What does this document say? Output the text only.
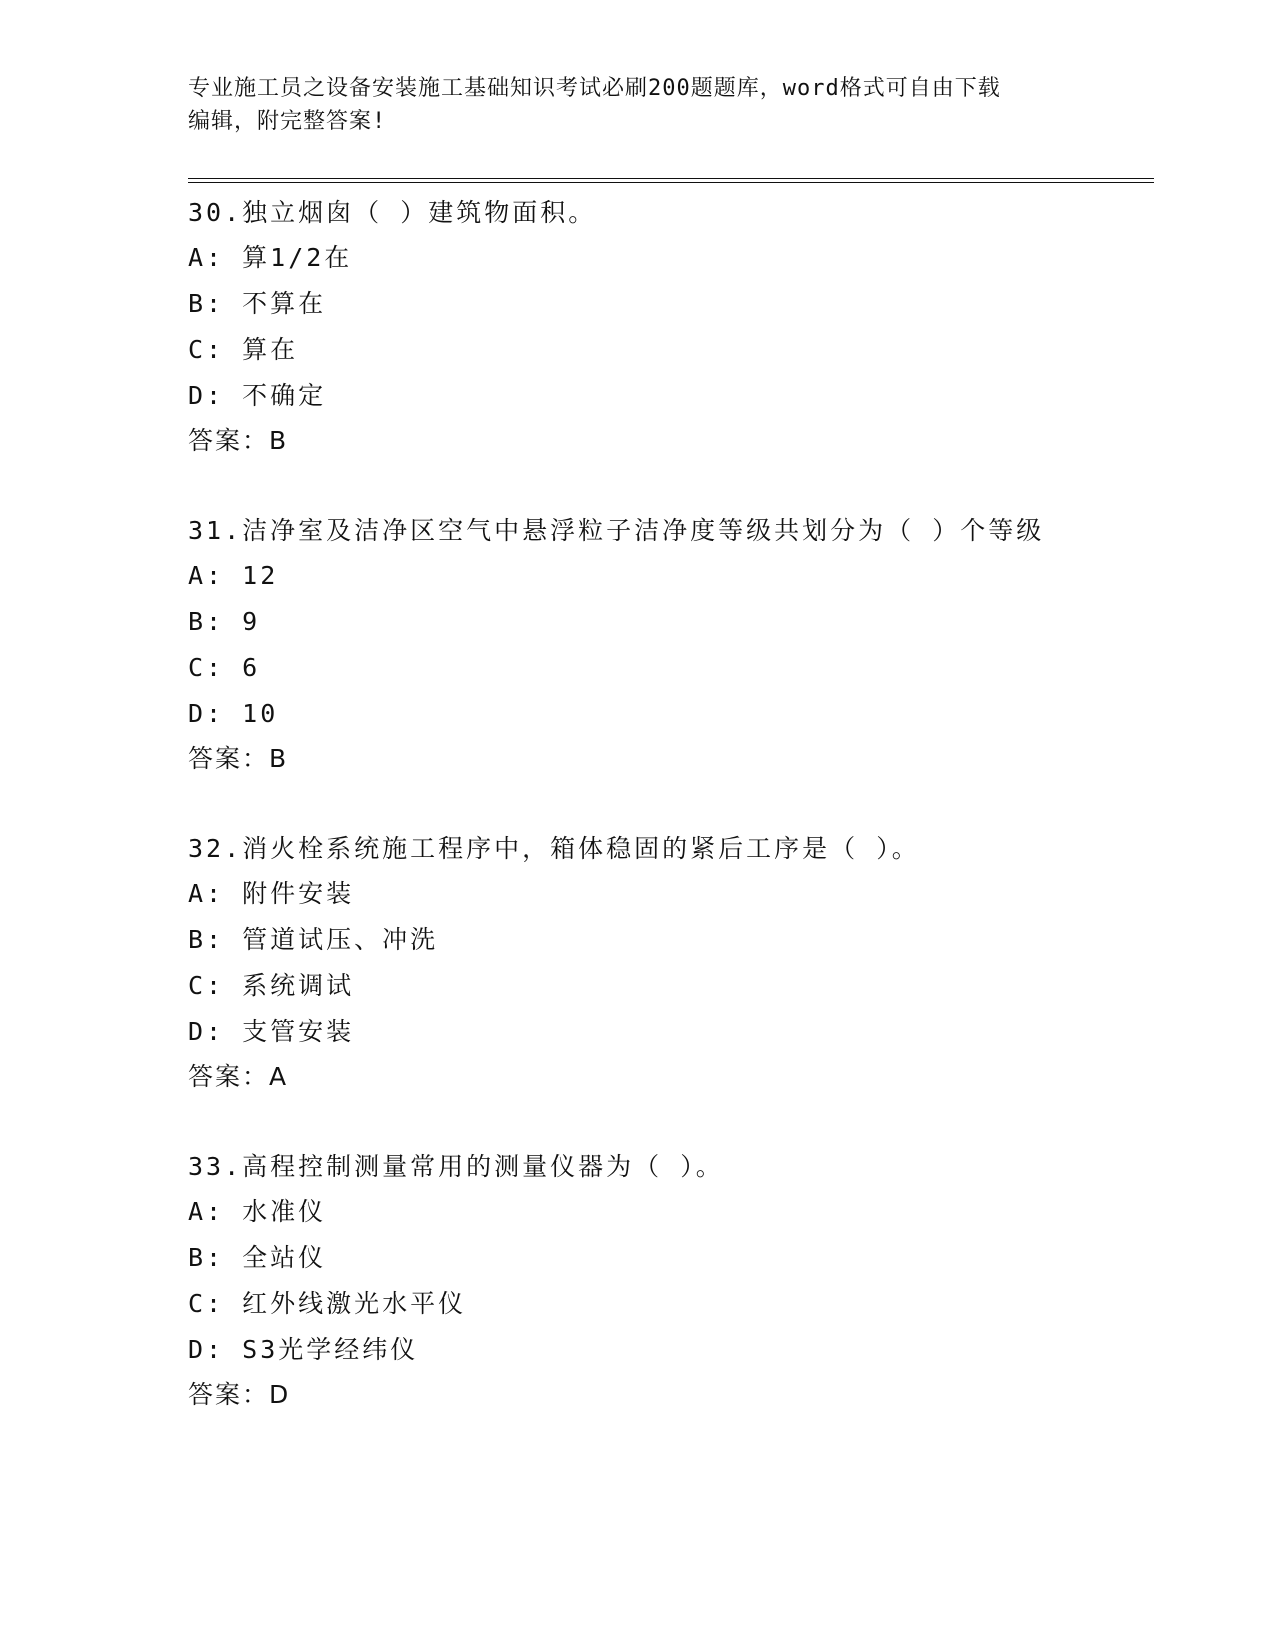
专业施工员之设备安装施工基础知识考试必刷200题题库，word格式可自由下载
编辑，附完整答案!
30.独立烟囱（ ）建筑物面积。
A: 算1/2在
B: 不算在
C: 算在
D: 不确定
答案：B
31.洁净室及洁净区空气中悬浮粒子洁净度等级共划分为（ ）个等级
A: 12
B: 9
C: 6
D: 10
答案：B
32.消火栓系统施工程序中，箱体稳固的紧后工序是（ ）。
A: 附件安装
B: 管道试压、冲洗
C: 系统调试
D: 支管安装
答案：A
33.高程控制测量常用的测量仪器为（ ）。
A: 水准仪
B: 全站仪
C: 红外线激光水平仪
D: S3光学经纬仪
答案：D
